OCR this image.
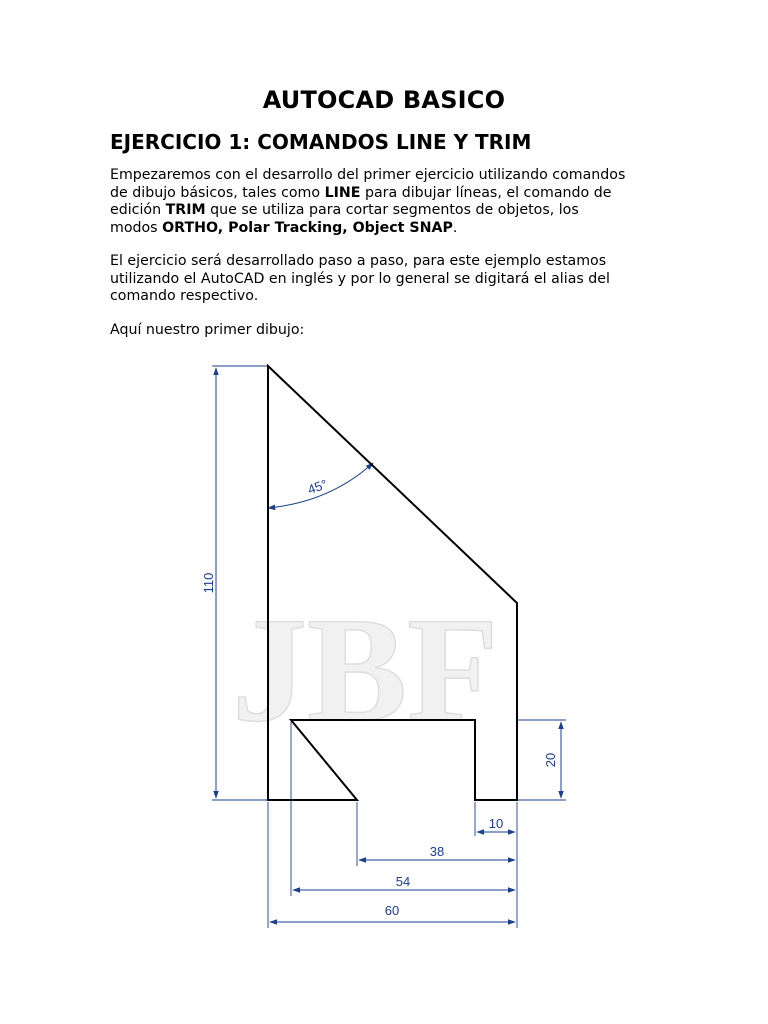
AUTOCAD BASICO
EJERCICIO 1: COMANDOS LINE Y TRIM

Empezaremos con el desarrollo del primer ejercicio utilizando comandos
de dibujo básicos, tales como LINE para dibujar líneas, el comando de
edición TRIM que se utiliza para cortar segmentos de objetos, los
modos ORTHO, Polar Tracking, Object SNAP.

El ejercicio será desarrollado paso a paso, para este ejemplo estamos
utilizando el AutoCAD en inglés y por lo general se digitará el alias del
comando respectivo.

Aquí nuestro primer dibujo:

JBF
110
45°
20
10
38
54
60
